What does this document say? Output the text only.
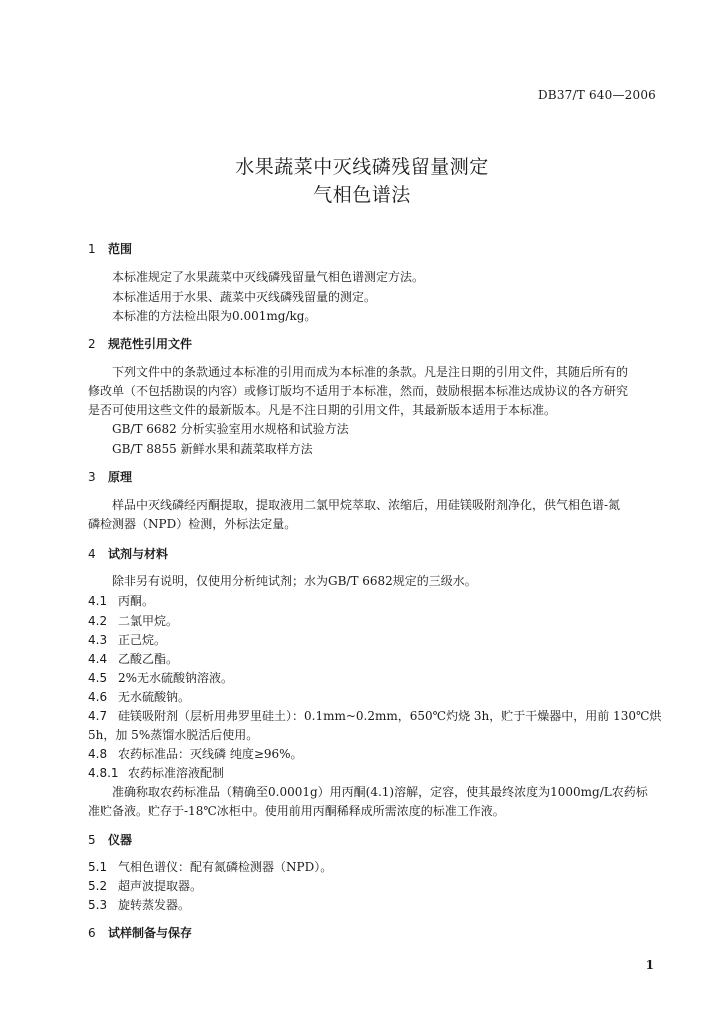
DB37/T 640—2006
水果蔬菜中灭线磷残留量测定
气相色谱法
1 范围
本标准规定了水果蔬菜中灭线磷残留量气相色谱测定方法。
本标准适用于水果、蔬菜中灭线磷残留量的测定。
本标准的方法检出限为0.001mg/kg。
2 规范性引用文件
下列文件中的条款通过本标准的引用而成为本标准的条款。凡是注日期的引用文件，其随后所有的
修改单（不包括勘误的内容）或修订版均不适用于本标准，然而，鼓励根据本标准达成协议的各方研究
是否可使用这些文件的最新版本。凡是不注日期的引用文件，其最新版本适用于本标准。
GB/T 6682 分析实验室用水规格和试验方法
GB/T 8855 新鲜水果和蔬菜取样方法
3 原理
样品中灭线磷经丙酮提取，提取液用二氯甲烷萃取、浓缩后，用硅镁吸附剂净化，供气相色谱-氮
磷检测器（NPD）检测，外标法定量。
4 试剂与材料
除非另有说明，仅使用分析纯试剂；水为GB/T 6682规定的三级水。
4.1 丙酮。
4.2 二氯甲烷。
4.3 正己烷。
4.4 乙酸乙酯。
4.5 2%无水硫酸钠溶液。
4.6 无水硫酸钠。
4.7 硅镁吸附剂（层析用弗罗里硅土）：0.1mm~0.2mm，650℃灼烧 3h，贮于干燥器中，用前 130℃烘
5h，加 5%蒸馏水脱活后使用。
4.8 农药标准品：灭线磷 纯度≥96%。
4.8.1 农药标准溶液配制
准确称取农药标准品（精确至0.0001g）用丙酮(4.1)溶解，定容，使其最终浓度为1000mg/L农药标
准贮备液。贮存于-18℃冰柜中。使用前用丙酮稀释成所需浓度的标准工作液。
5 仪器
5.1 气相色谱仪：配有氮磷检测器（NPD）。
5.2 超声波提取器。
5.3 旋转蒸发器。
6 试样制备与保存
1
